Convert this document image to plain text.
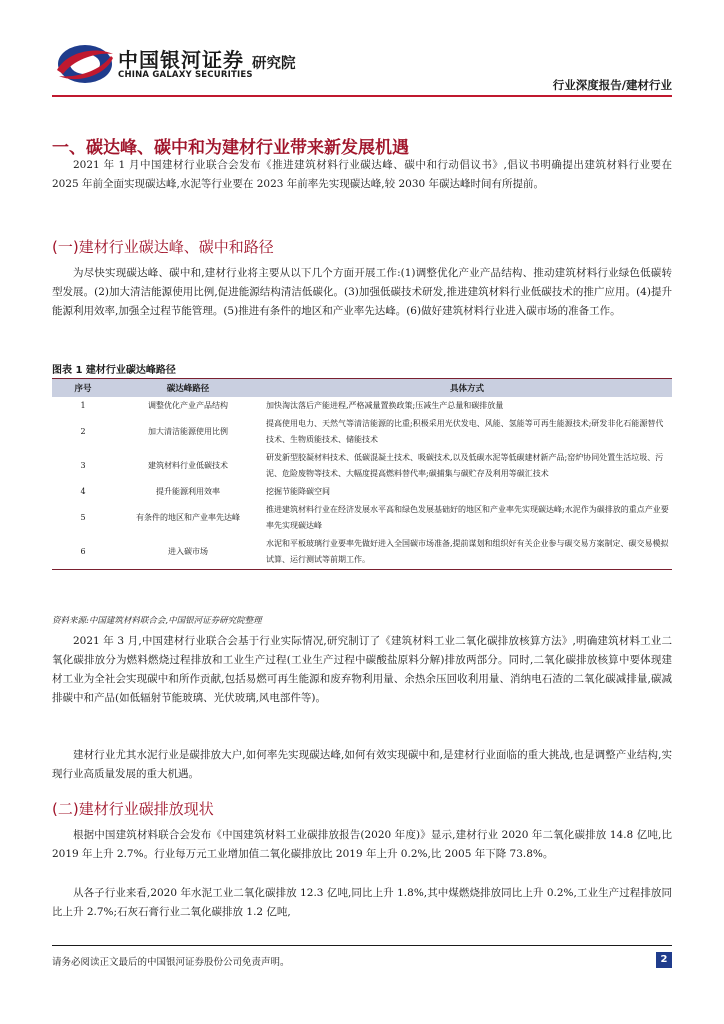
中国银河证券 研究院
CHINA GALAXY SECURITIES
行业深度报告/建材行业
一、碳达峰、碳中和为建材行业带来新发展机遇

2021 年 1 月中国建材行业联合会发布《推进建筑材料行业碳达峰、碳中和行动倡议书》,倡议书明确提出建筑材料行业要在 2025 年前全面实现碳达峰,水泥等行业要在 2023 年前率先实现碳达峰,较 2030 年碳达峰时间有所提前。

(一)建材行业碳达峰、碳中和路径

为尽快实现碳达峰、碳中和,建材行业将主要从以下几个方面开展工作:(1)调整优化产业产品结构、推动建筑材料行业绿色低碳转型发展。(2)加大清洁能源使用比例,促进能源结构清洁低碳化。(3)加强低碳技术研发,推进建筑材料行业低碳技术的推广应用。(4)提升能源利用效率,加强全过程节能管理。(5)推进有条件的地区和产业率先达峰。(6)做好建筑材料行业进入碳市场的准备工作。

图表 1 建材行业碳达峰路径
序号	碳达峰路径	具体方式
1	调整优化产业产品结构	加快淘汰落后产能进程,严格减量置换政策;压减生产总量和碳排放量
2	加大清洁能源使用比例	提高使用电力、天然气等清洁能源的比重;积极采用光伏发电、风能、氢能等可再生能源技术;研发非化石能源替代技术、生物质能技术、储能技术
3	建筑材料行业低碳技术	研发新型胶凝材料技术、低碳混凝土技术、吸碳技术,以及低碳水泥等低碳建材新产品;窑炉协同处置生活垃圾、污泥、危险废物等技术、大幅度提高燃料替代率;碳捕集与碳贮存及利用等碳汇技术
4	提升能源利用效率	挖掘节能降碳空间
5	有条件的地区和产业率先达峰	推进建筑材料行业在经济发展水平高和绿色发展基础好的地区和产业率先实现碳达峰;水泥作为碳排放的重点产业要率先实现碳达峰
6	进入碳市场	水泥和平板玻璃行业要率先做好进入全国碳市场准备,提前谋划和组织好有关企业参与碳交易方案制定、碳交易模拟试算、运行测试等前期工作。
资料来源:中国建筑材料联合会,中国银河证券研究院整理

2021 年 3 月,中国建材行业联合会基于行业实际情况,研究制订了《建筑材料工业二氧化碳排放核算方法》,明确建筑材料工业二氧化碳排放分为燃料燃烧过程排放和工业生产过程(工业生产过程中碳酸盐原料分解)排放两部分。同时,二氧化碳排放核算中要体现建材工业为全社会实现碳中和所作贡献,包括易燃可再生能源和废弃物利用量、余热余压回收利用量、消纳电石渣的二氧化碳减排量,碳减排碳中和产品(如低辐射节能玻璃、光伏玻璃,风电部件等)。

建材行业尤其水泥行业是碳排放大户,如何率先实现碳达峰,如何有效实现碳中和,是建材行业面临的重大挑战,也是调整产业结构,实现行业高质量发展的重大机遇。

(二)建材行业碳排放现状

根据中国建筑材料联合会发布《中国建筑材料工业碳排放报告(2020 年度)》显示,建材行业 2020 年二氧化碳排放 14.8 亿吨,比 2019 年上升 2.7%。行业每万元工业增加值二氧化碳排放比 2019 年上升 0.2%,比 2005 年下降 73.8%。

从各子行业来看,2020 年水泥工业二氧化碳排放 12.3 亿吨,同比上升 1.8%,其中煤燃烧排放同比上升 0.2%,工业生产过程排放同比上升 2.7%;石灰石膏行业二氧化碳排放 1.2 亿吨,

请务必阅读正文最后的中国银河证券股份公司免责声明。	2
